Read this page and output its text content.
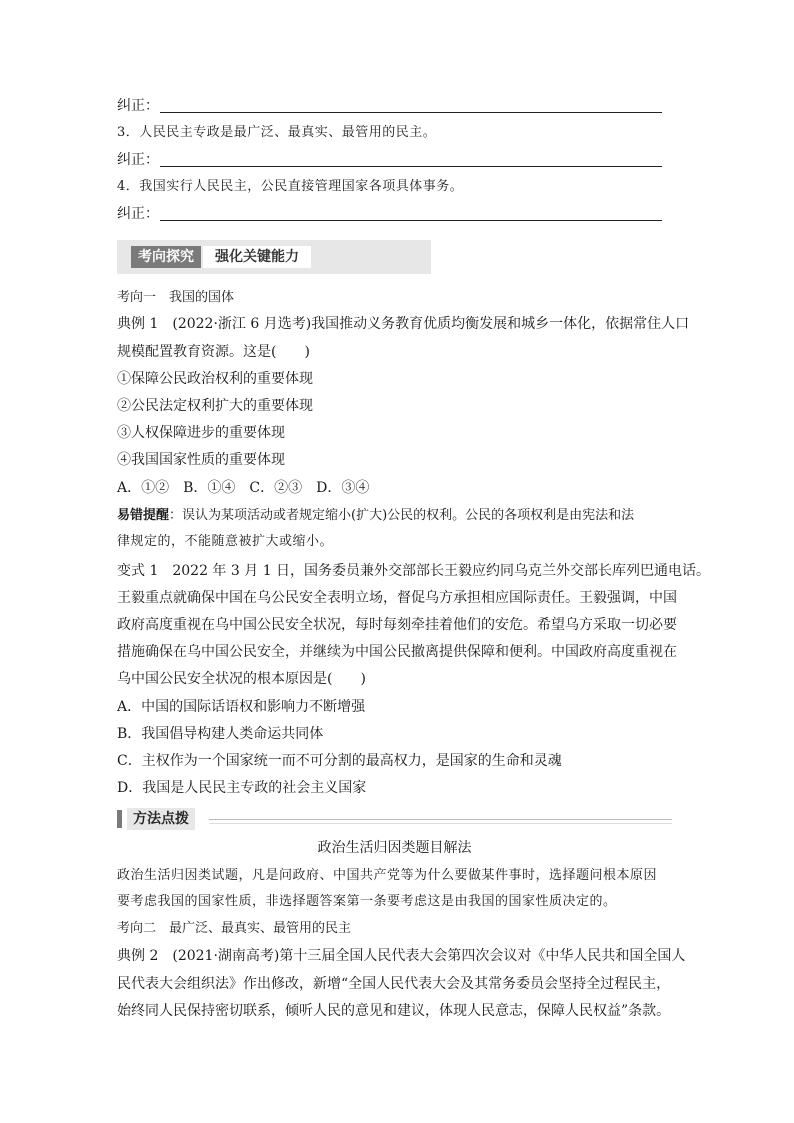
纠正：
3．人民民主专政是最广泛、最真实、最管用的民主。
纠正：
4．我国实行人民民主，公民直接管理国家各项具体事务。
纠正：
考向探究	强化关键能力
考向一　我国的国体
典例 1　(2022·浙江 6 月选考)我国推动义务教育优质均衡发展和城乡一体化，依据常住人口
规模配置教育资源。这是(　　)
①保障公民政治权利的重要体现
②公民法定权利扩大的重要体现
③人权保障进步的重要体现
④我国国家性质的重要体现
A．①②　B．①④　C．②③　D．③④
易错提醒：误认为某项活动或者规定缩小(扩大)公民的权利。公民的各项权利是由宪法和法
律规定的，不能随意被扩大或缩小。
变式 1　2022 年 3 月 1 日，国务委员兼外交部部长王毅应约同乌克兰外交部长库列巴通电话。
王毅重点就确保中国在乌公民安全表明立场，督促乌方承担相应国际责任。王毅强调，中国
政府高度重视在乌中国公民安全状况，每时每刻牵挂着他们的安危。希望乌方采取一切必要
措施确保在乌中国公民安全，并继续为中国公民撤离提供保障和便利。中国政府高度重视在
乌中国公民安全状况的根本原因是(　　)
A．中国的国际话语权和影响力不断增强
B．我国倡导构建人类命运共同体
C．主权作为一个国家统一而不可分割的最高权力，是国家的生命和灵魂
D．我国是人民民主专政的社会主义国家
方法点拨
政治生活归因类题目解法
政治生活归因类试题，凡是问政府、中国共产党等为什么要做某件事时，选择题问根本原因
要考虑我国的国家性质，非选择题答案第一条要考虑这是由我国的国家性质决定的。
考向二　最广泛、最真实、最管用的民主
典例 2　(2021·湖南高考)第十三届全国人民代表大会第四次会议对《中华人民共和国全国人
民代表大会组织法》作出修改，新增“全国人民代表大会及其常务委员会坚持全过程民主，
始终同人民保持密切联系，倾听人民的意见和建议，体现人民意志，保障人民权益”条款。
